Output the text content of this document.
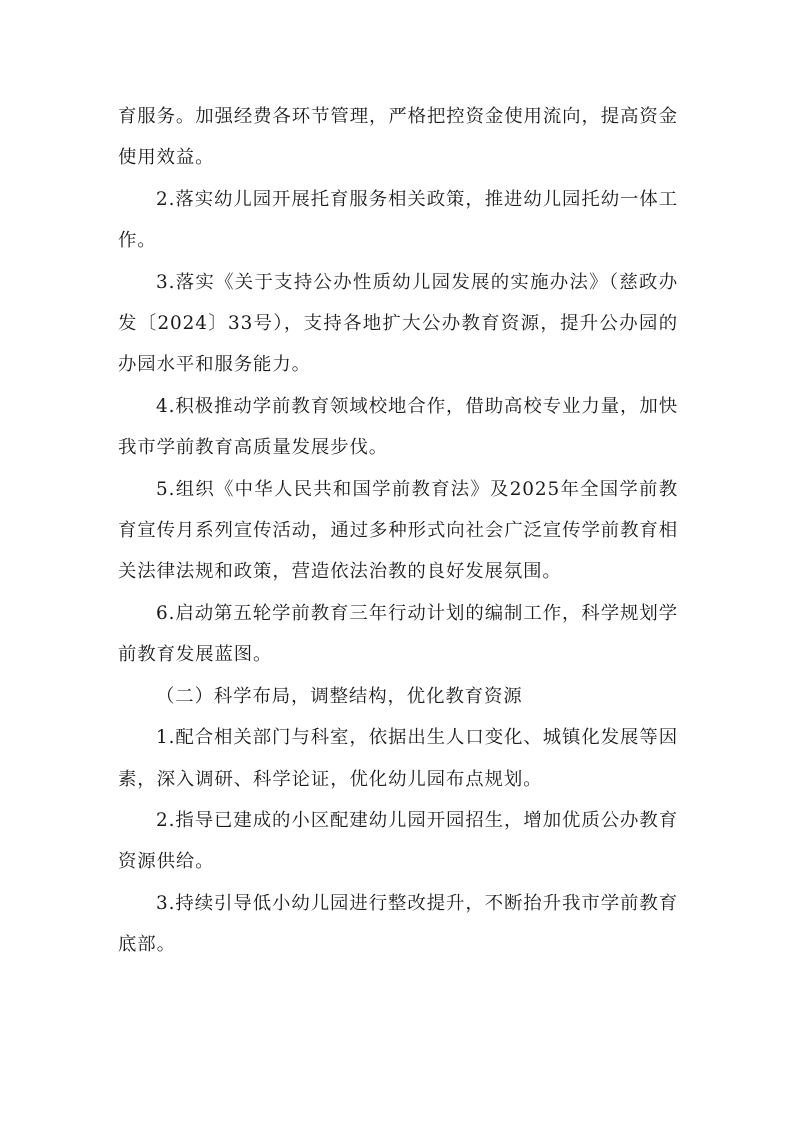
育服务。加强经费各环节管理，严格把控资金使用流向，提高资金使用效益。

2.落实幼儿园开展托育服务相关政策，推进幼儿园托幼一体工作。

3.落实《关于支持公办性质幼儿园发展的实施办法》（慈政办发〔2024〕33号），支持各地扩大公办教育资源，提升公办园的办园水平和服务能力。

4.积极推动学前教育领域校地合作，借助高校专业力量，加快我市学前教育高质量发展步伐。

5.组织《中华人民共和国学前教育法》及2025年全国学前教育宣传月系列宣传活动，通过多种形式向社会广泛宣传学前教育相关法律法规和政策，营造依法治教的良好发展氛围。

6.启动第五轮学前教育三年行动计划的编制工作，科学规划学前教育发展蓝图。

（二）科学布局，调整结构，优化教育资源

1.配合相关部门与科室，依据出生人口变化、城镇化发展等因素，深入调研、科学论证，优化幼儿园布点规划。

2.指导已建成的小区配建幼儿园开园招生，增加优质公办教育资源供给。

3.持续引导低小幼儿园进行整改提升，不断抬升我市学前教育底部。
